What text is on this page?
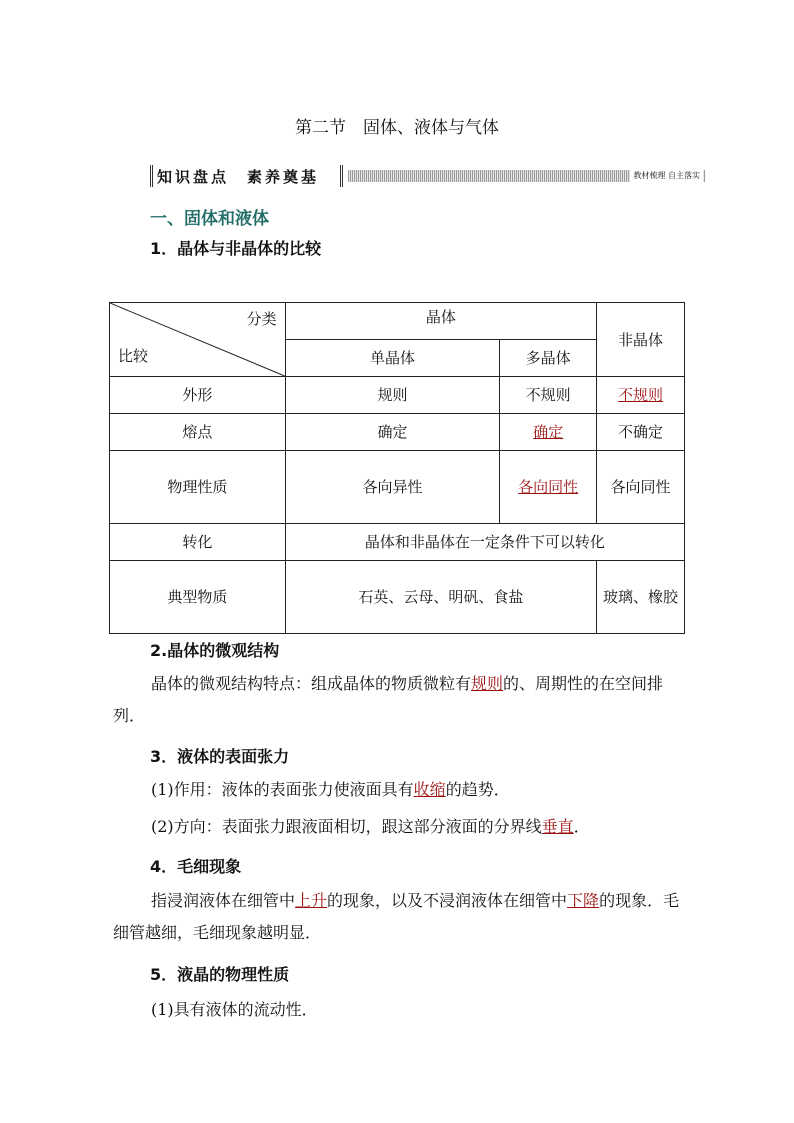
第二节　固体、液体与气体
知识盘点 素养奠基	教材梳理 自主落实
一、固体和液体
1．晶体与非晶体的比较
分类
比较	晶体		非晶体
	单晶体	多晶体	
外形	规则	不规则	不规则
熔点	确定	确定	不确定
物理性质	各向异性	各向同性	各向同性
转化	晶体和非晶体在一定条件下可以转化		
典型物质	石英、云母、明矾、食盐		玻璃、橡胶
2.晶体的微观结构
晶体的微观结构特点：组成晶体的物质微粒有规则的、周期性的在空间排列．
3．液体的表面张力
(1)作用：液体的表面张力使液面具有收缩的趋势．
(2)方向：表面张力跟液面相切，跟这部分液面的分界线垂直．
4．毛细现象
指浸润液体在细管中上升的现象，以及不浸润液体在细管中下降的现象．毛细管越细，毛细现象越明显．
5．液晶的物理性质
(1)具有液体的流动性．
